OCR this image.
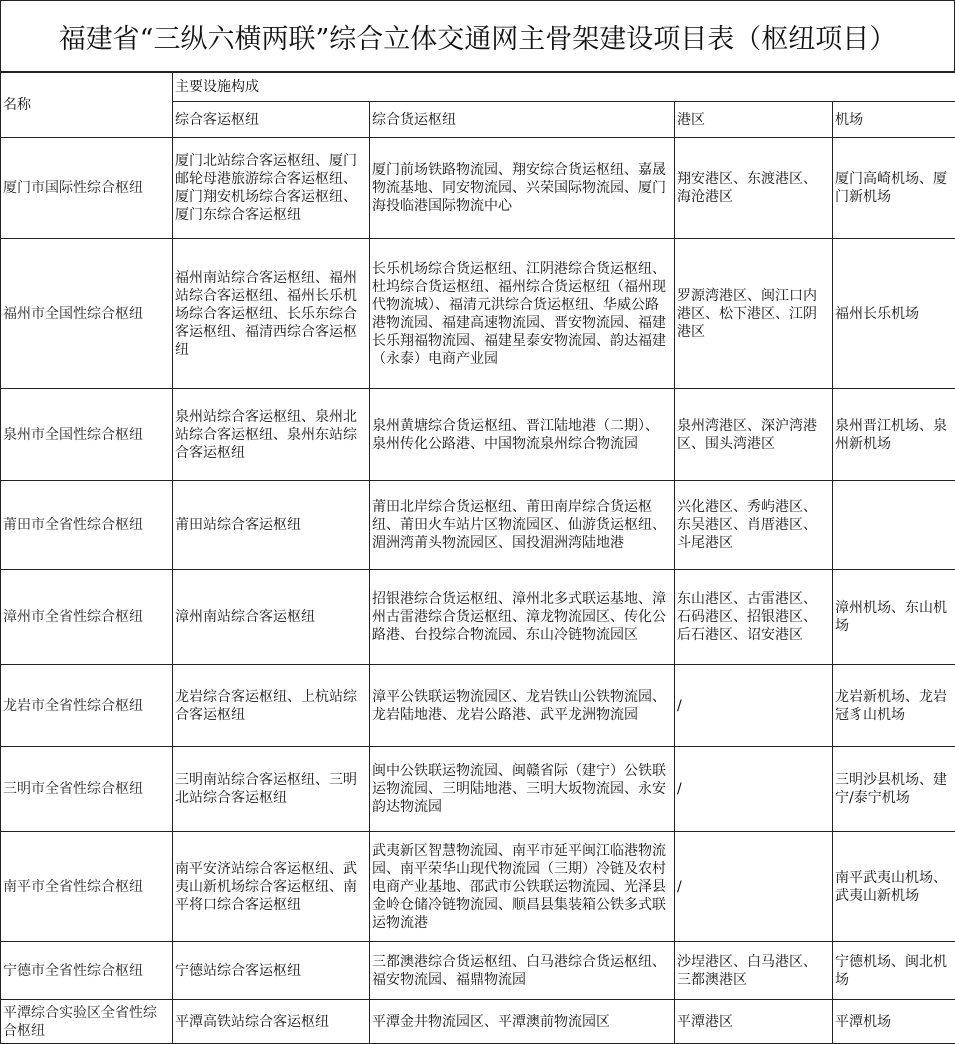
福建省“三纵六横两联”综合立体交通网主骨架建设项目表（枢纽项目）
名称	主要设施构成			
	综合客运枢纽	综合货运枢纽	港区	机场
厦门市国际性综合枢纽	厦门北站综合客运枢纽、厦门邮轮母港旅游综合客运枢纽、厦门翔安机场综合客运枢纽、厦门东综合客运枢纽	厦门前场铁路物流园、翔安综合货运枢纽、嘉晟物流基地、同安物流园、兴荣国际物流园、厦门海投临港国际物流中心	翔安港区、东渡港区、海沧港区	厦门高崎机场、厦门新机场
福州市全国性综合枢纽	福州南站综合客运枢纽、福州站综合客运枢纽、福州长乐机场综合客运枢纽、长乐东综合客运枢纽、福清西综合客运枢纽	长乐机场综合货运枢纽、江阴港综合货运枢纽、杜坞综合货运枢纽、福州综合货运枢纽（福州现代物流城）、福清元洪综合货运枢纽、华威公路港物流园、福建高速物流园、晋安物流园、福建长乐翔福物流园、福建星泰安物流园、韵达福建（永泰）电商产业园	罗源湾港区、闽江口内港区、松下港区、江阴港区	福州长乐机场
泉州市全国性综合枢纽	泉州站综合客运枢纽、泉州北站综合客运枢纽、泉州东站综合客运枢纽	泉州黄塘综合货运枢纽、晋江陆地港（二期）、泉州传化公路港、中国物流泉州综合物流园	泉州湾港区、深沪湾港区、围头湾港区	泉州晋江机场、泉州新机场
莆田市全省性综合枢纽	莆田站综合客运枢纽	莆田北岸综合货运枢纽、莆田南岸综合货运枢纽、莆田火车站片区物流园区、仙游货运枢纽、湄洲湾莆头物流园区、国投湄洲湾陆地港	兴化港区、秀屿港区、东吴港区、肖厝港区、斗尾港区	
漳州市全省性综合枢纽	漳州南站综合客运枢纽	招银港综合货运枢纽、漳州北多式联运基地、漳州古雷港综合货运枢纽、漳龙物流园区、传化公路港、台投综合物流园、东山冷链物流园区	东山港区、古雷港区、石码港区、招银港区、后石港区、诏安港区	漳州机场、东山机场
龙岩市全省性综合枢纽	龙岩综合客运枢纽、上杭站综合客运枢纽	漳平公铁联运物流园区、龙岩铁山公铁物流园、龙岩陆地港、龙岩公路港、武平龙洲物流园	/	龙岩新机场、龙岩冠豸山机场
三明市全省性综合枢纽	三明南站综合客运枢纽、三明北站综合客运枢纽	闽中公铁联运物流园、闽赣省际（建宁）公铁联运物流园、三明陆地港、三明大坂物流园、永安韵达物流园	/	三明沙县机场、建宁/泰宁机场
南平市全省性综合枢纽	南平安济站综合客运枢纽、武夷山新机场综合客运枢纽、南平将口综合客运枢纽	武夷新区智慧物流园、南平市延平闽江临港物流园、南平荣华山现代物流园（三期）冷链及农村电商产业基地、邵武市公铁联运物流园、光泽县金岭仓储冷链物流园、顺昌县集装箱公铁多式联运物流港	/	南平武夷山机场、武夷山新机场
宁德市全省性综合枢纽	宁德站综合客运枢纽	三都澳港综合货运枢纽、白马港综合货运枢纽、福安物流园、福鼎物流园	沙埕港区、白马港区、三都澳港区	宁德机场、闽北机场
平潭综合实验区全省性综合枢纽	平潭高铁站综合客运枢纽	平潭金井物流园区、平潭澳前物流园区	平潭港区	平潭机场
